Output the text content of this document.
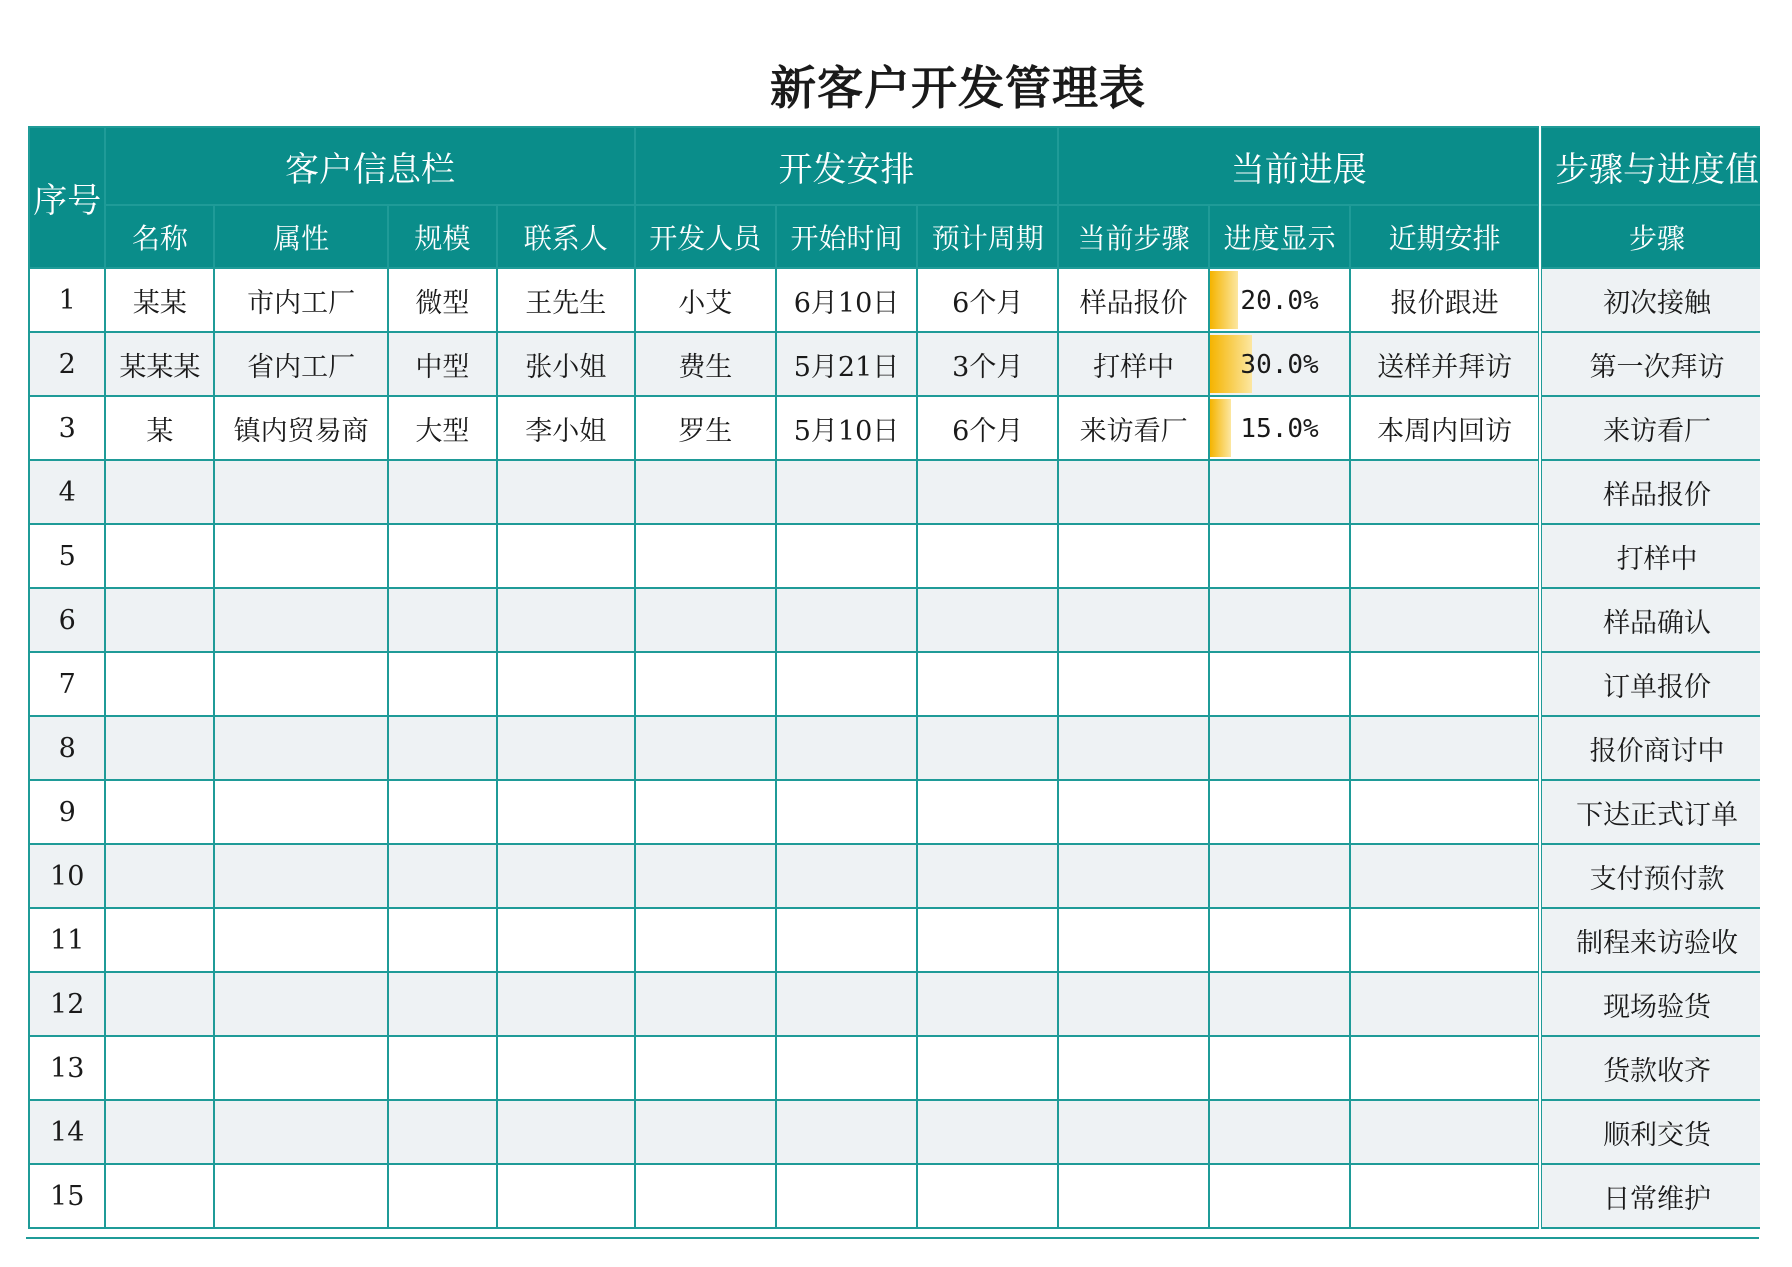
新客户开发管理表
序号	客户信息栏				开发安排			当前进展			步骤与进度值
	名称	属性	规模	联系人	开发人员	开始时间	预计周期	当前步骤	进度显示	近期安排	步骤
1	某某	市内工厂	微型	王先生	小艾	6月10日	6个月	样品报价	20.0%	报价跟进	初次接触
2	某某某	省内工厂	中型	张小姐	费生	5月21日	3个月	打样中	30.0%	送样并拜访	第一次拜访
3	某	镇内贸易商	大型	李小姐	罗生	5月10日	6个月	来访看厂	15.0%	本周内回访	来访看厂
4											样品报价
5											打样中
6											样品确认
7											订单报价
8											报价商讨中
9											下达正式订单
10											支付预付款
11											制程来访验收
12											现场验货
13											货款收齐
14											顺利交货
15											日常维护
